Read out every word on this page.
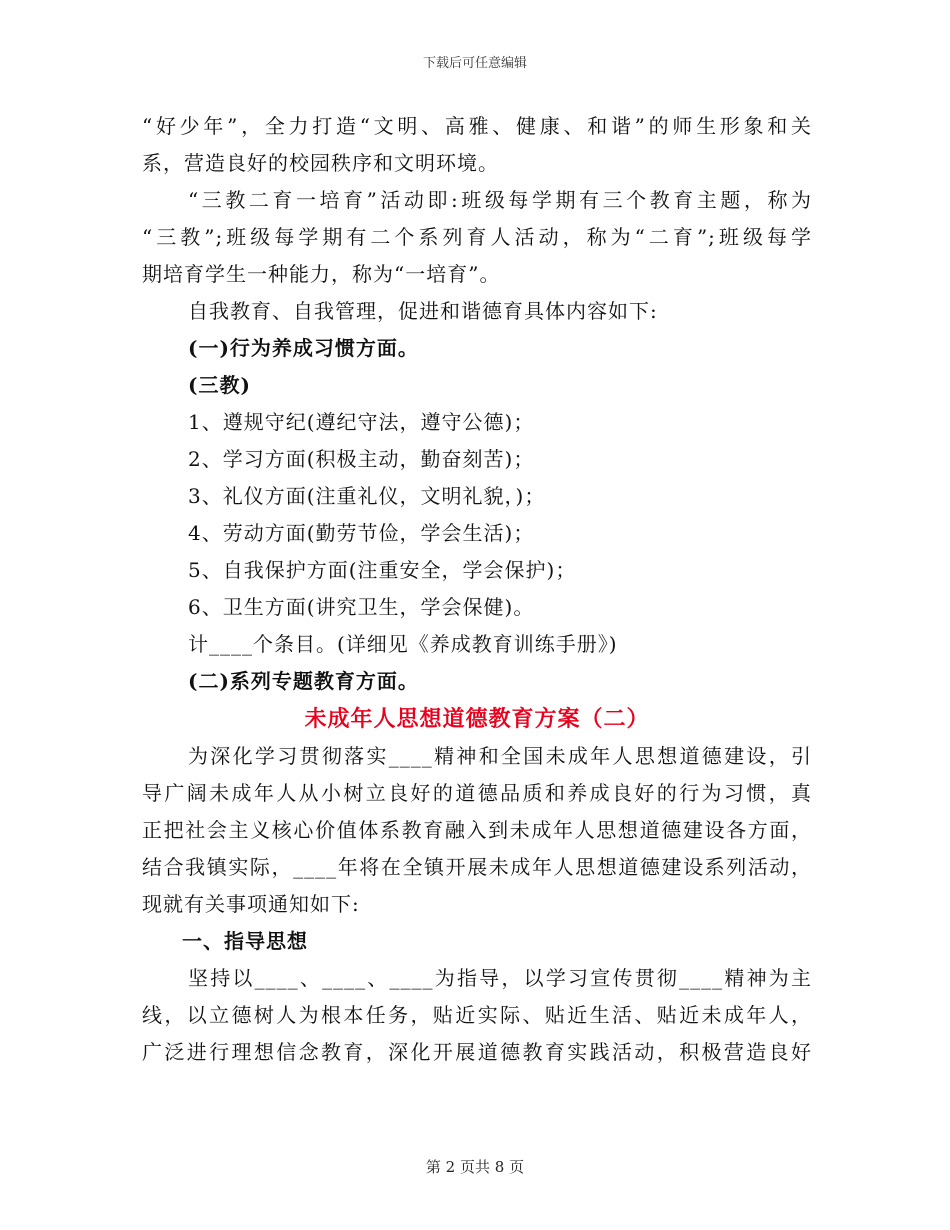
下载后可任意编辑
“好少年”，全力打造“文明、高雅、健康、和谐”的师生形象和关
系，营造良好的校园秩序和文明环境。
“三教二育一培育”活动即:班级每学期有三个教育主题，称为
“三教”;班级每学期有二个系列育人活动，称为“二育”;班级每学
期培育学生一种能力，称为“一培育”。
自我教育、自我管理，促进和谐德育具体内容如下:
(一)行为养成习惯方面。
(三教)
1、遵规守纪(遵纪守法，遵守公德)；
2、学习方面(积极主动，勤奋刻苦)；
3、礼仪方面(注重礼仪，文明礼貌，)；
4、劳动方面(勤劳节俭，学会生活)；
5、自我保护方面(注重安全，学会保护)；
6、卫生方面(讲究卫生，学会保健)。
计____个条目。(详细见《养成教育训练手册》)
(二)系列专题教育方面。
未成年人思想道德教育方案（二）
为深化学习贯彻落实____精神和全国未成年人思想道德建设，引
导广阔未成年人从小树立良好的道德品质和养成良好的行为习惯，真
正把社会主义核心价值体系教育融入到未成年人思想道德建设各方面，
结合我镇实际，____年将在全镇开展未成年人思想道德建设系列活动，
现就有关事项通知如下:
一、指导思想
坚持以____、____、____为指导，以学习宣传贯彻____精神为主
线，以立德树人为根本任务，贴近实际、贴近生活、贴近未成年人，
广泛进行理想信念教育，深化开展道德教育实践活动，积极营造良好
第 2 页共 8 页
